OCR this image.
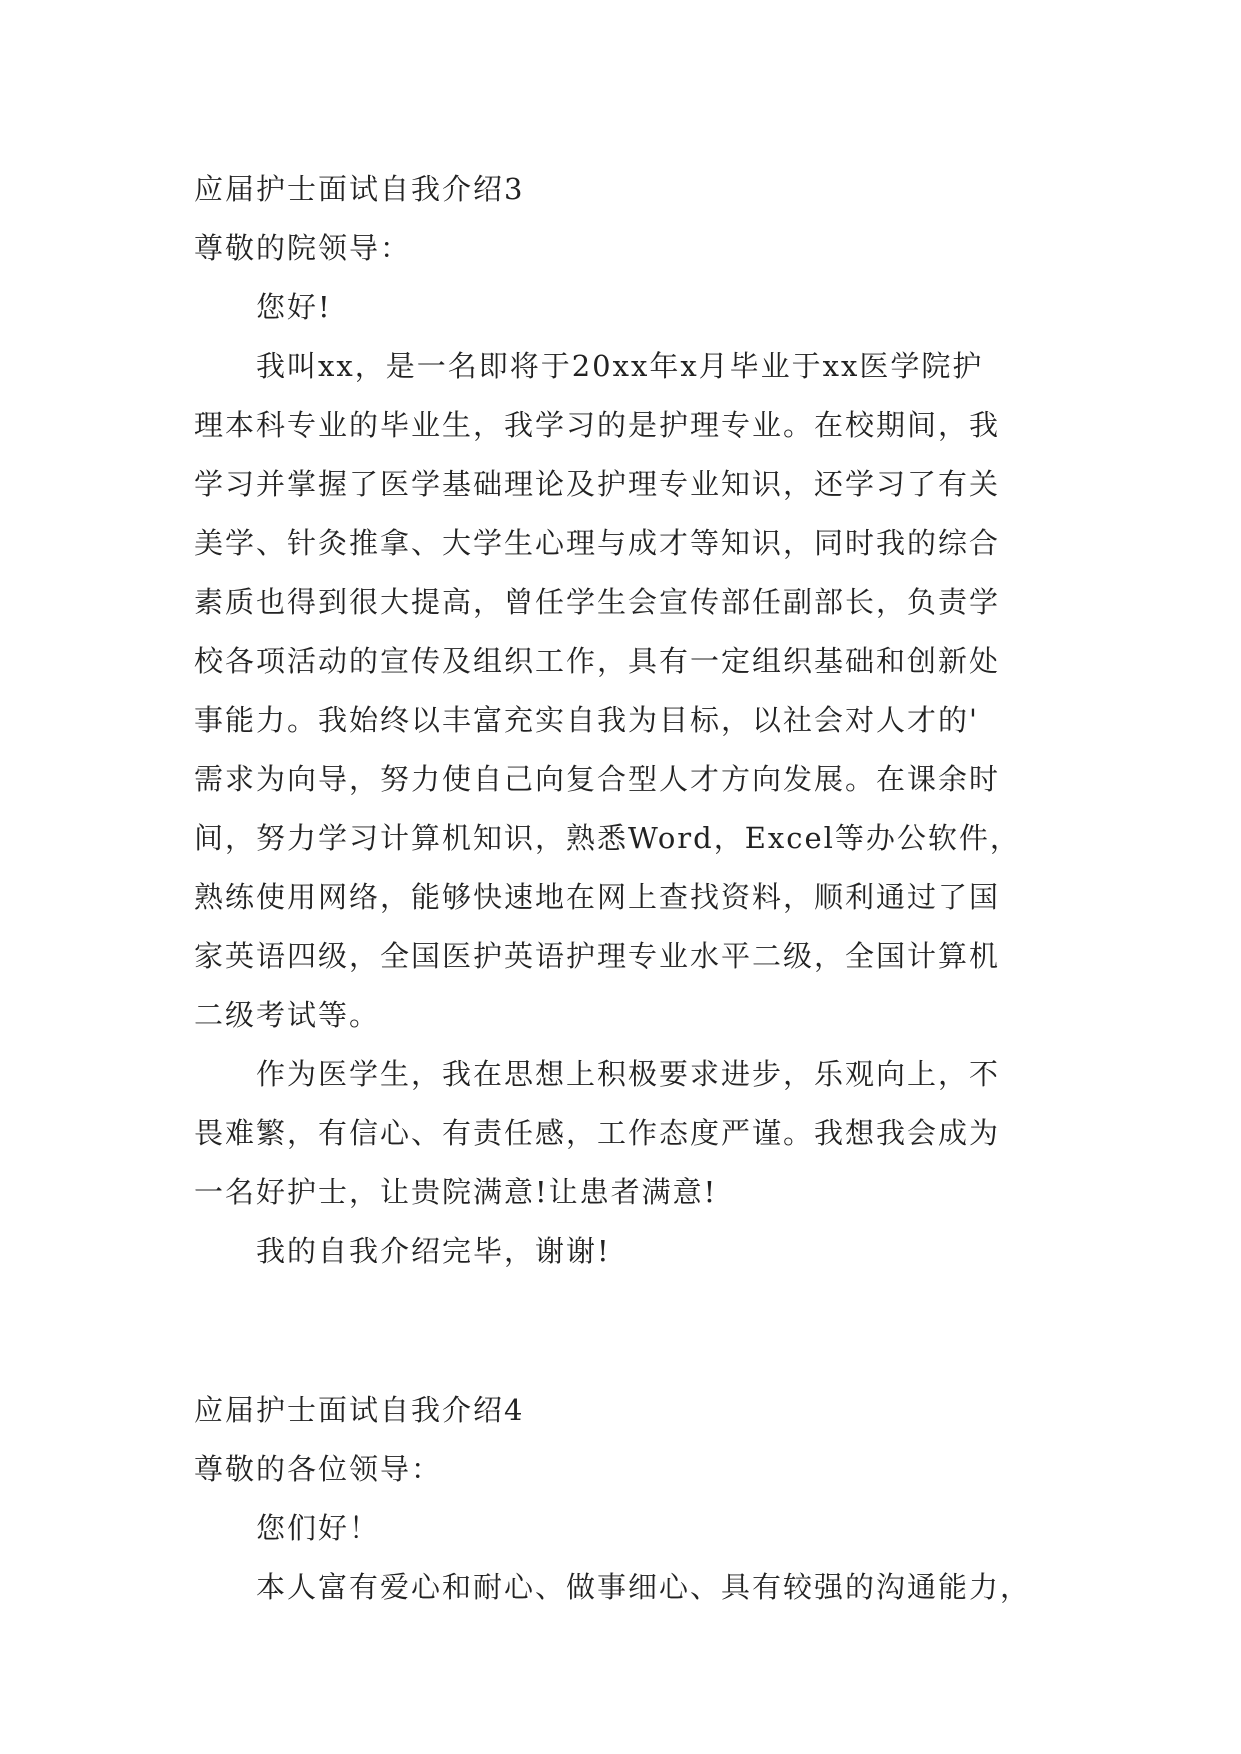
应届护士面试自我介绍3
尊敬的院领导：
您好!
我叫xx，是一名即将于20xx年x月毕业于xx医学院护
理本科专业的毕业生，我学习的是护理专业。在校期间，我
学习并掌握了医学基础理论及护理专业知识，还学习了有关
美学、针灸推拿、大学生心理与成才等知识，同时我的综合
素质也得到很大提高，曾任学生会宣传部任副部长，负责学
校各项活动的宣传及组织工作，具有一定组织基础和创新处
事能力。我始终以丰富充实自我为目标，以社会对人才的'
需求为向导，努力使自己向复合型人才方向发展。在课余时
间，努力学习计算机知识，熟悉Word，Excel等办公软件，
熟练使用网络，能够快速地在网上查找资料，顺利通过了国
家英语四级，全国医护英语护理专业水平二级，全国计算机
二级考试等。
作为医学生，我在思想上积极要求进步，乐观向上，不
畏难繁，有信心、有责任感，工作态度严谨。我想我会成为
一名好护士，让贵院满意!让患者满意!
我的自我介绍完毕，谢谢!
应届护士面试自我介绍4
尊敬的各位领导：
您们好！
本人富有爱心和耐心、做事细心、具有较强的沟通能力，
